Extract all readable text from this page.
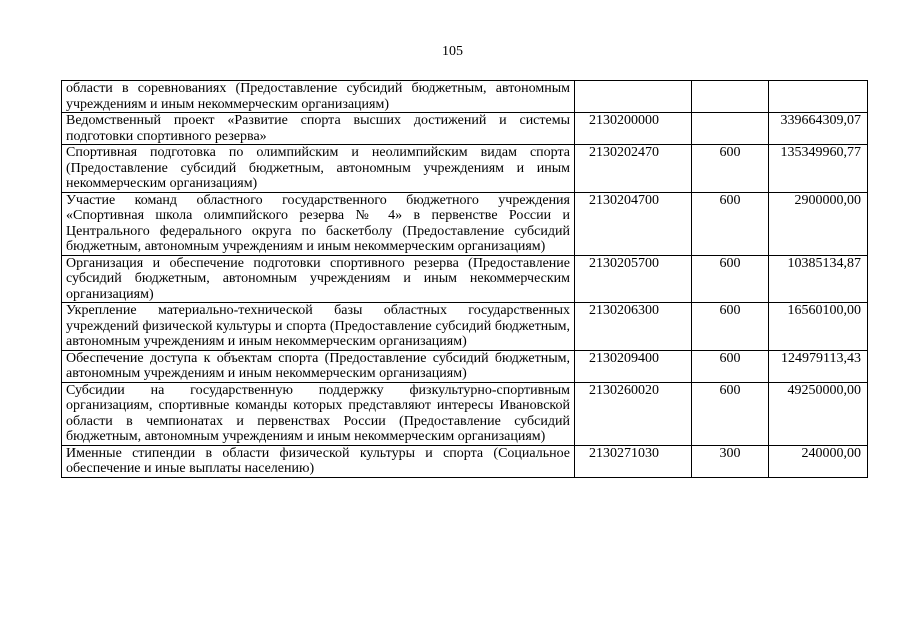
105
области в соревнованиях (Предоставление субсидий бюджетным, автономным учреждениям и иным некоммерческим организациям)			
Ведомственный проект «Развитие спорта высших достижений и системы подготовки спортивного резерва»	2130200000		339664309,07
Спортивная подготовка по олимпийским и неолимпийским видам спорта (Предоставление субсидий бюджетным, автономным учреждениям и иным некоммерческим организациям)	2130202470	600	135349960,77
Участие команд областного государственного бюджетного учреждения «Спортивная школа олимпийского резерва № 4» в первенстве России и Центрального федерального округа по баскетболу (Предоставление субсидий бюджетным, автономным учреждениям и иным некоммерческим организациям)	2130204700	600	2900000,00
Организация и обеспечение подготовки спортивного резерва (Предоставление субсидий бюджетным, автономным учреждениям и иным некоммерческим организациям)	2130205700	600	10385134,87
Укрепление материально-технической базы областных государственных учреждений физической культуры и спорта (Предоставление субсидий бюджетным, автономным учреждениям и иным некоммерческим организациям)	2130206300	600	16560100,00
Обеспечение доступа к объектам спорта (Предоставление субсидий бюджетным, автономным учреждениям и иным некоммерческим организациям)	2130209400	600	124979113,43
Субсидии на государственную поддержку физкультурно-спортивным организациям, спортивные команды которых представляют интересы Ивановской области в чемпионатах и первенствах России (Предоставление субсидий бюджетным, автономным учреждениям и иным некоммерческим организациям)	2130260020	600	49250000,00
Именные стипендии в области физической культуры и спорта (Социальное обеспечение и иные выплаты населению)	2130271030	300	240000,00
